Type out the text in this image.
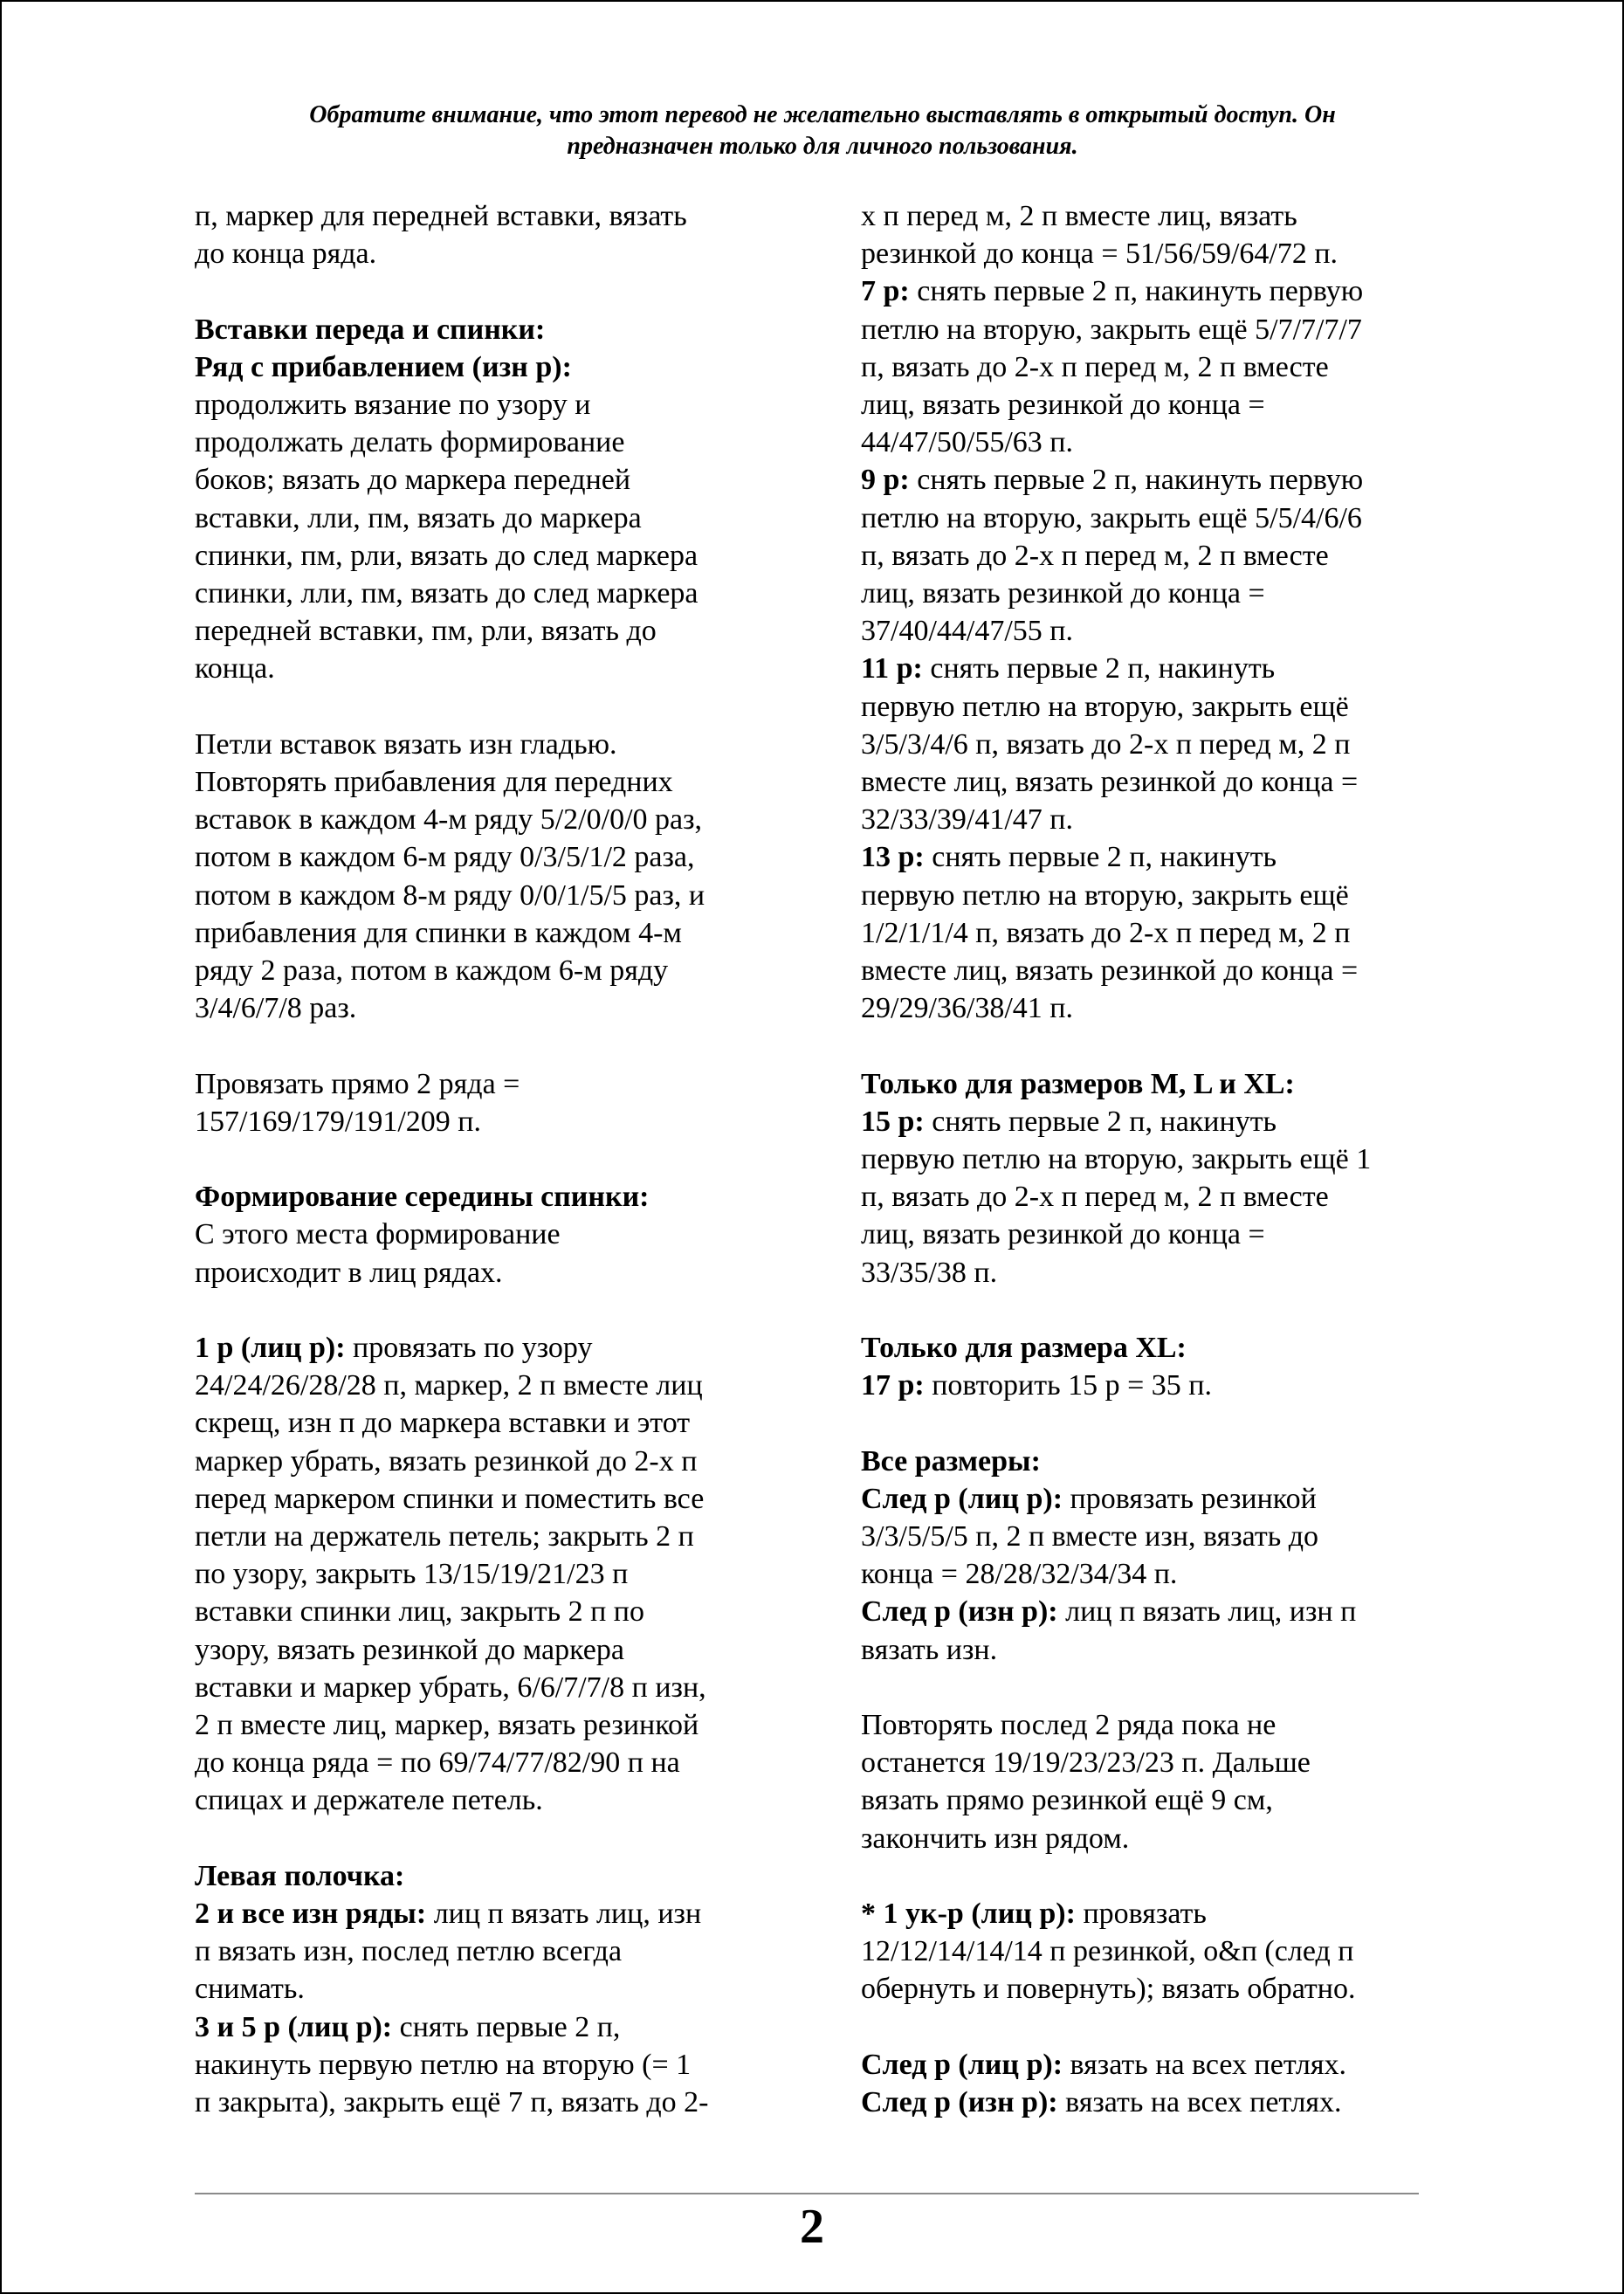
Обратите внимание, что этот перевод не желательно выставлять в открытый доступ. Он
предназначен только для личного пользования.

п, маркер для передней вставки, вязать

до конца ряда.

Вставки переда и спинки:

Ряд с прибавлением (изн р):

продолжить вязание по узору и

продолжать делать формирование

боков; вязать до маркера передней

вставки, лли, пм, вязать до маркера

спинки, пм, рли, вязать до след маркера

спинки, лли, пм, вязать до след маркера

передней вставки, пм, рли, вязать до

конца.

Петли вставок вязать изн гладью.

Повторять прибавления для передних

вставок в каждом 4-м ряду 5/2/0/0/0 раз,

потом в каждом 6-м ряду 0/3/5/1/2 раза,

потом в каждом 8-м ряду 0/0/1/5/5 раз, и

прибавления для спинки в каждом 4-м

ряду 2 раза, потом в каждом 6-м ряду

3/4/6/7/8 раз.

Провязать прямо 2 ряда =

157/169/179/191/209 п.

Формирование середины спинки:

С этого места формирование

происходит в лиц рядах.

1 р (лиц р): провязать по узору

24/24/26/28/28 п, маркер, 2 п вместе лиц

скрещ, изн п до маркера вставки и этот

маркер убрать, вязать резинкой до 2-х п

перед маркером спинки и поместить все

петли на держатель петель; закрыть 2 п

по узору, закрыть 13/15/19/21/23 п

вставки спинки лиц, закрыть 2 п по

узору, вязать резинкой до маркера

вставки и маркер убрать, 6/6/7/7/8 п изн,

2 п вместе лиц, маркер, вязать резинкой

до конца ряда = по 69/74/77/82/90 п на

спицах и держателе петель.

Левая полочка:

2 и все изн ряды: лиц п вязать лиц, изн

п вязать изн, послед петлю всегда

снимать.

3 и 5 р (лиц р): снять первые 2 п,

накинуть первую петлю на вторую (= 1

п закрыта), закрыть ещё 7 п, вязать до 2-

х п перед м, 2 п вместе лиц, вязать

резинкой до конца = 51/56/59/64/72 п.

7 р: снять первые 2 п, накинуть первую

петлю на вторую, закрыть ещё 5/7/7/7/7

п, вязать до 2-х п перед м, 2 п вместе

лиц, вязать резинкой до конца =

44/47/50/55/63 п.

9 р: снять первые 2 п, накинуть первую

петлю на вторую, закрыть ещё 5/5/4/6/6

п, вязать до 2-х п перед м, 2 п вместе

лиц, вязать резинкой до конца =

37/40/44/47/55 п.

11 р: снять первые 2 п, накинуть

первую петлю на вторую, закрыть ещё

3/5/3/4/6 п, вязать до 2-х п перед м, 2 п

вместе лиц, вязать резинкой до конца =

32/33/39/41/47 п.

13 р: снять первые 2 п, накинуть

первую петлю на вторую, закрыть ещё

1/2/1/1/4 п, вязать до 2-х п перед м, 2 п

вместе лиц, вязать резинкой до конца =

29/29/36/38/41 п.

Только для размеров M, L и XL:

15 р: снять первые 2 п, накинуть

первую петлю на вторую, закрыть ещё 1

п, вязать до 2-х п перед м, 2 п вместе

лиц, вязать резинкой до конца =

33/35/38 п.

Только для размера XL:

17 р: повторить 15 р = 35 п.

Все размеры:

След р (лиц р): провязать резинкой

3/3/5/5/5 п, 2 п вместе изн, вязать до

конца = 28/28/32/34/34 п.

След р (изн р): лиц п вязать лиц, изн п

вязать изн.

Повторять послед 2 ряда пока не

останется 19/19/23/23/23 п. Дальше

вязать прямо резинкой ещё 9 см,

закончить изн рядом.

* 1 ук-р (лиц р): провязать

12/12/14/14/14 п резинкой, о&п (след п

обернуть и повернуть); вязать обратно.

След р (лиц р): вязать на всех петлях.

След р (изн р): вязать на всех петлях.

2
